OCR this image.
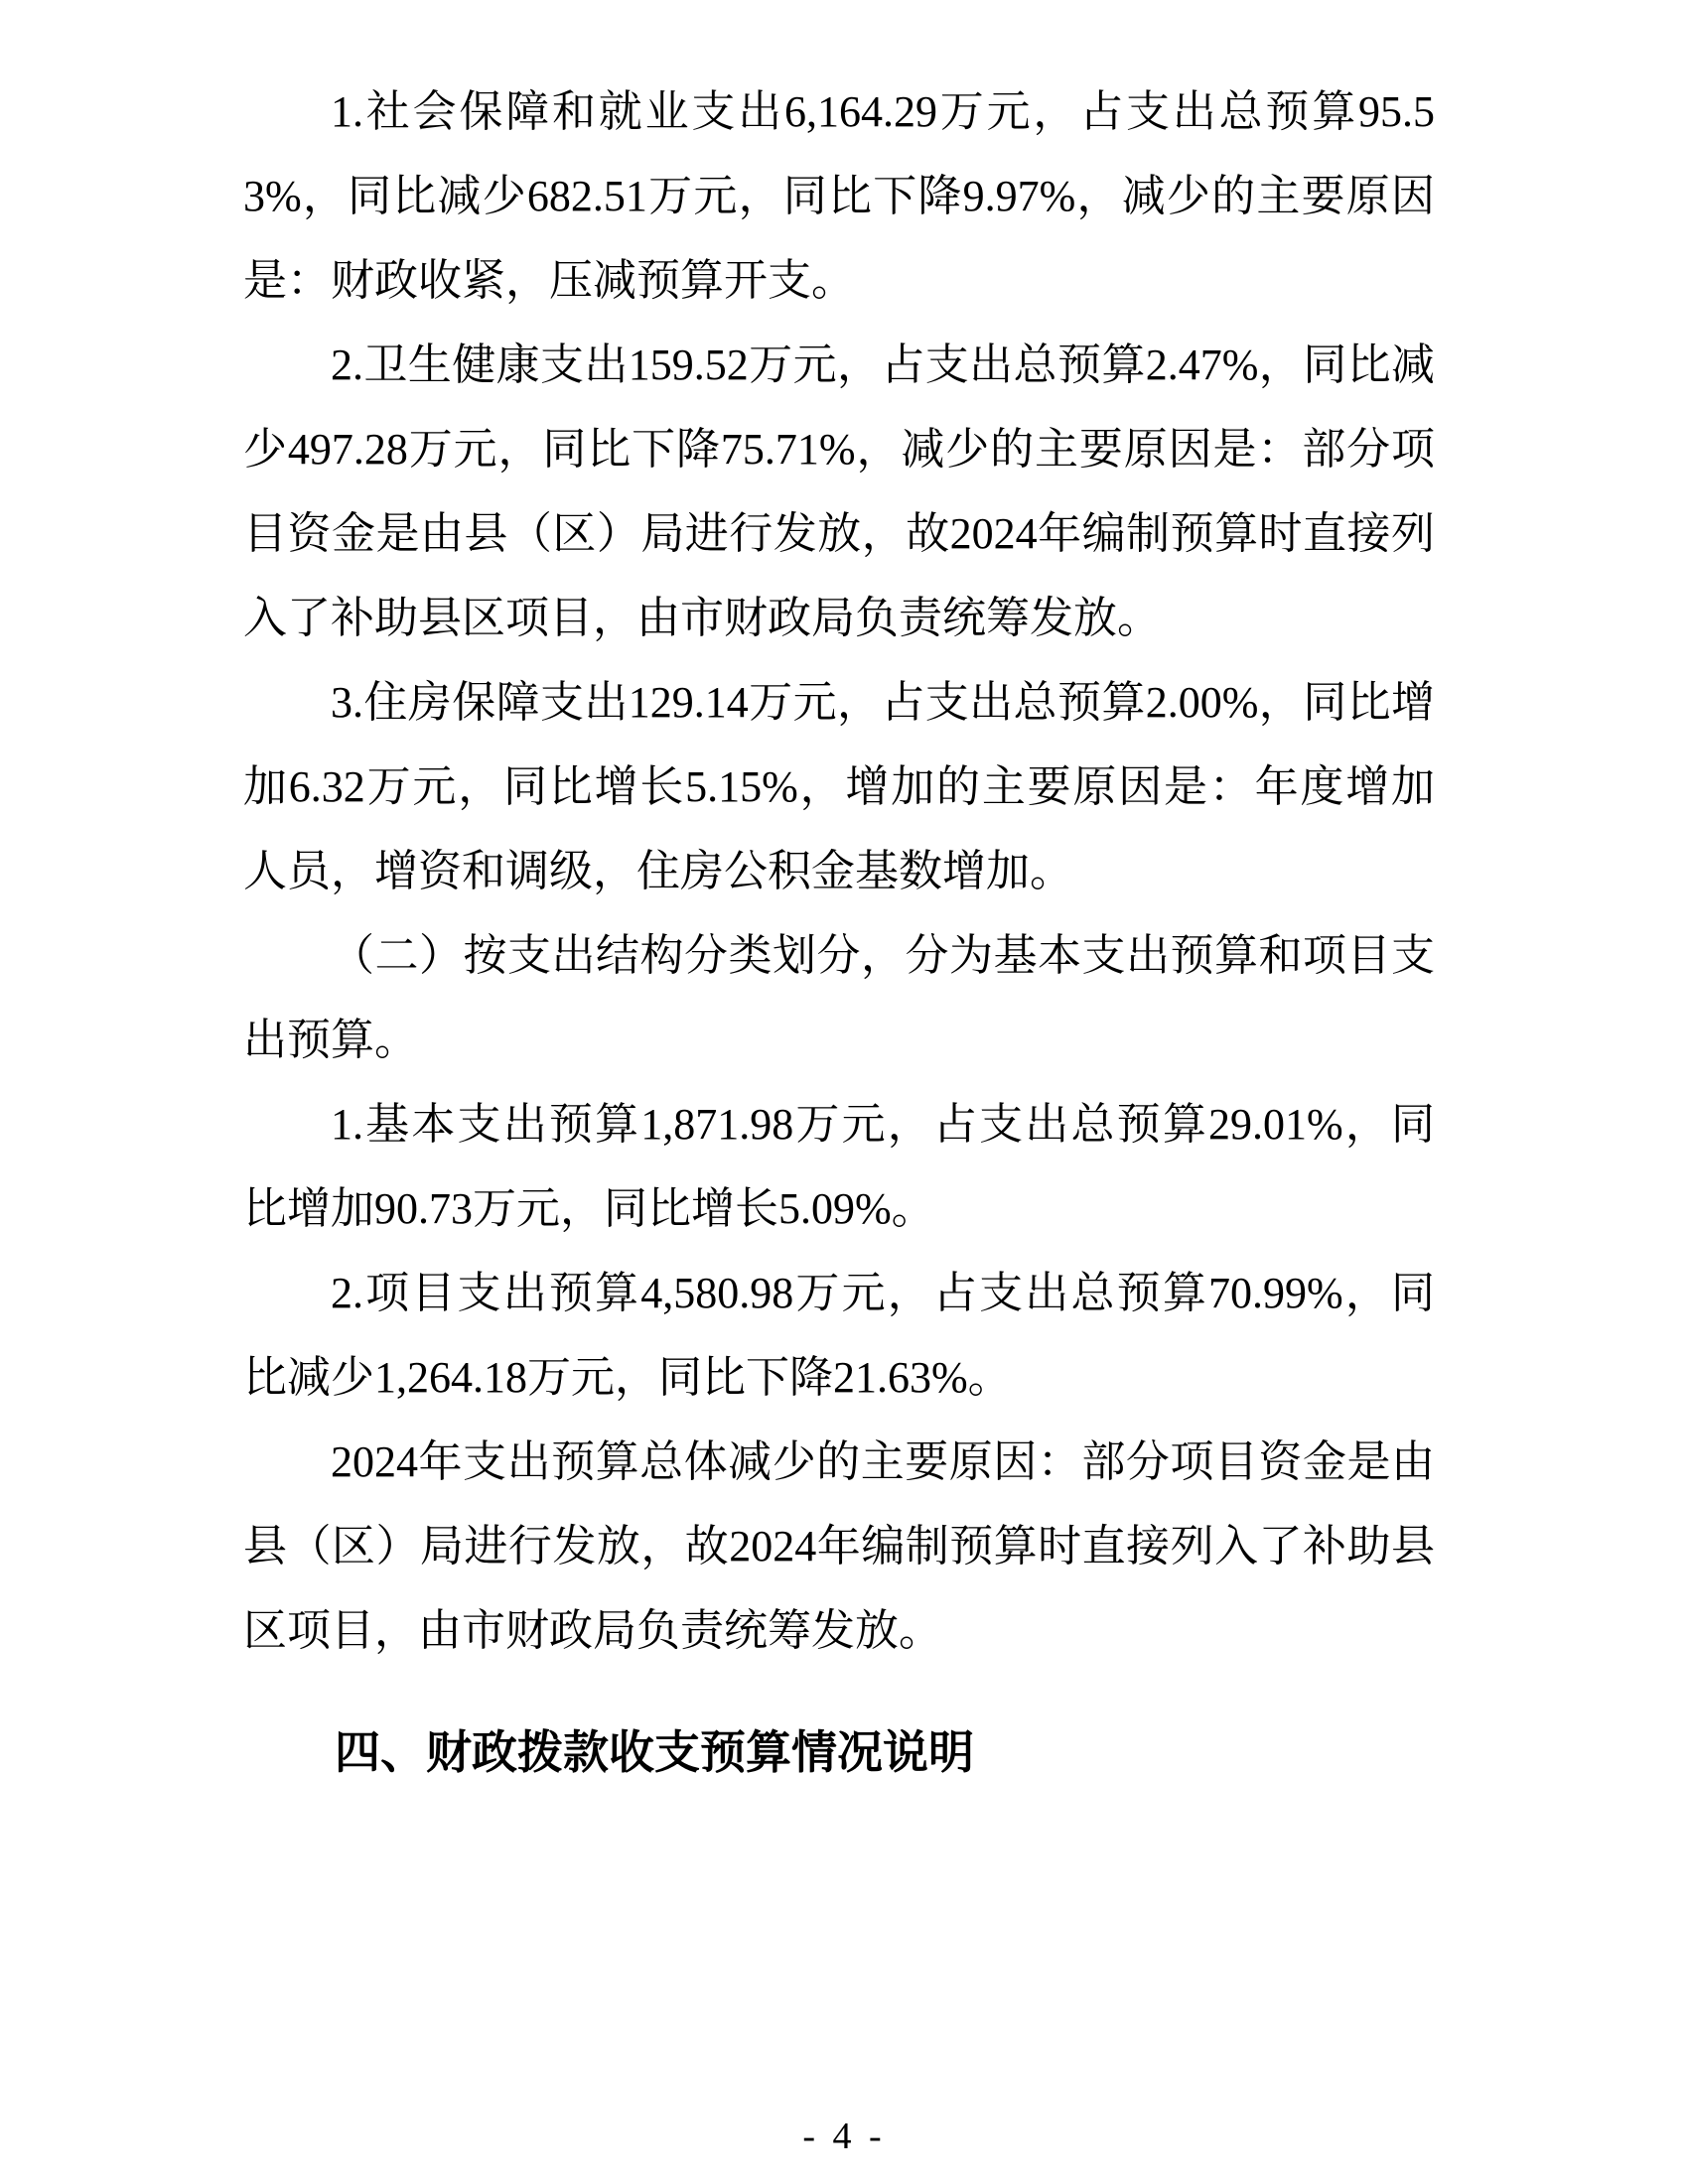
1.社会保障和就业支出6,164.29万元，占支出总预算95.53%，同比减少682.51万元，同比下降9.97%，减少的主要原因是：财政收紧，压减预算开支。

2.卫生健康支出159.52万元，占支出总预算2.47%，同比减少497.28万元，同比下降75.71%，减少的主要原因是：部分项目资金是由县（区）局进行发放，故2024年编制预算时直接列入了补助县区项目，由市财政局负责统筹发放。

3.住房保障支出129.14万元，占支出总预算2.00%，同比增加6.32万元，同比增长5.15%，增加的主要原因是：年度增加人员，增资和调级，住房公积金基数增加。

（二）按支出结构分类划分，分为基本支出预算和项目支出预算。

1.基本支出预算1,871.98万元，占支出总预算29.01%，同比增加90.73万元，同比增长5.09%。

2.项目支出预算4,580.98万元，占支出总预算70.99%，同比减少1,264.18万元，同比下降21.63%。

2024年支出预算总体减少的主要原因：部分项目资金是由县（区）局进行发放，故2024年编制预算时直接列入了补助县区项目，由市财政局负责统筹发放。

四、财政拨款收支预算情况说明
- 4 -
